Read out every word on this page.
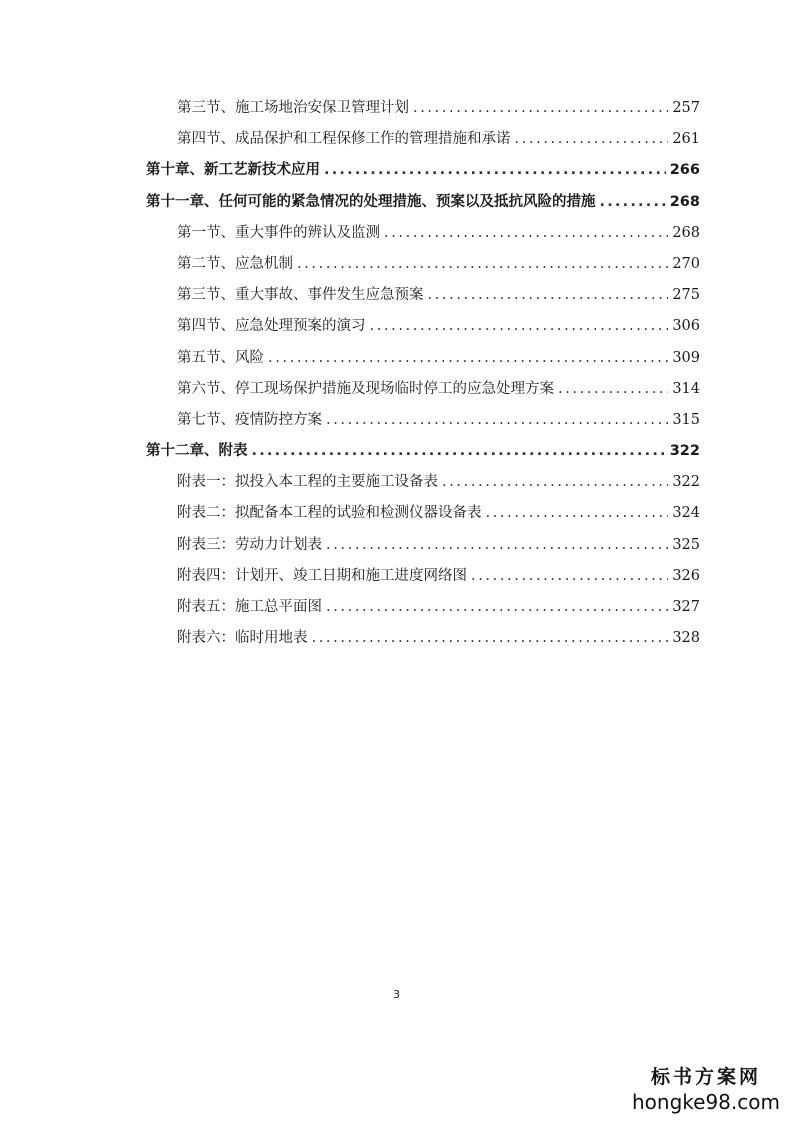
第三节、施工场地治安保卫管理计划 .....	257
第四节、成品保护和工程保修工作的管理措施和承诺 .....	261
第十章、新工艺新技术应用 .....	266
第十一章、任何可能的紧急情况的处理措施、预案以及抵抗风险的措施 .....	268
第一节、重大事件的辨认及监测 .....	268
第二节、应急机制 .....	270
第三节、重大事故、事件发生应急预案 .....	275
第四节、应急处理预案的演习 .....	306
第五节、风险 .....	309
第六节、停工现场保护措施及现场临时停工的应急处理方案 .....	314
第七节、疫情防控方案 .....	315
第十二章、附表 .....	322
附表一：拟投入本工程的主要施工设备表 .....	322
附表二：拟配备本工程的试验和检测仪器设备表 .....	324
附表三：劳动力计划表 .....	325
附表四：计划开、竣工日期和施工进度网络图 .....	326
附表五：施工总平面图 .....	327
附表六：临时用地表 .....	328
3
标书方案网
hongke98.com
